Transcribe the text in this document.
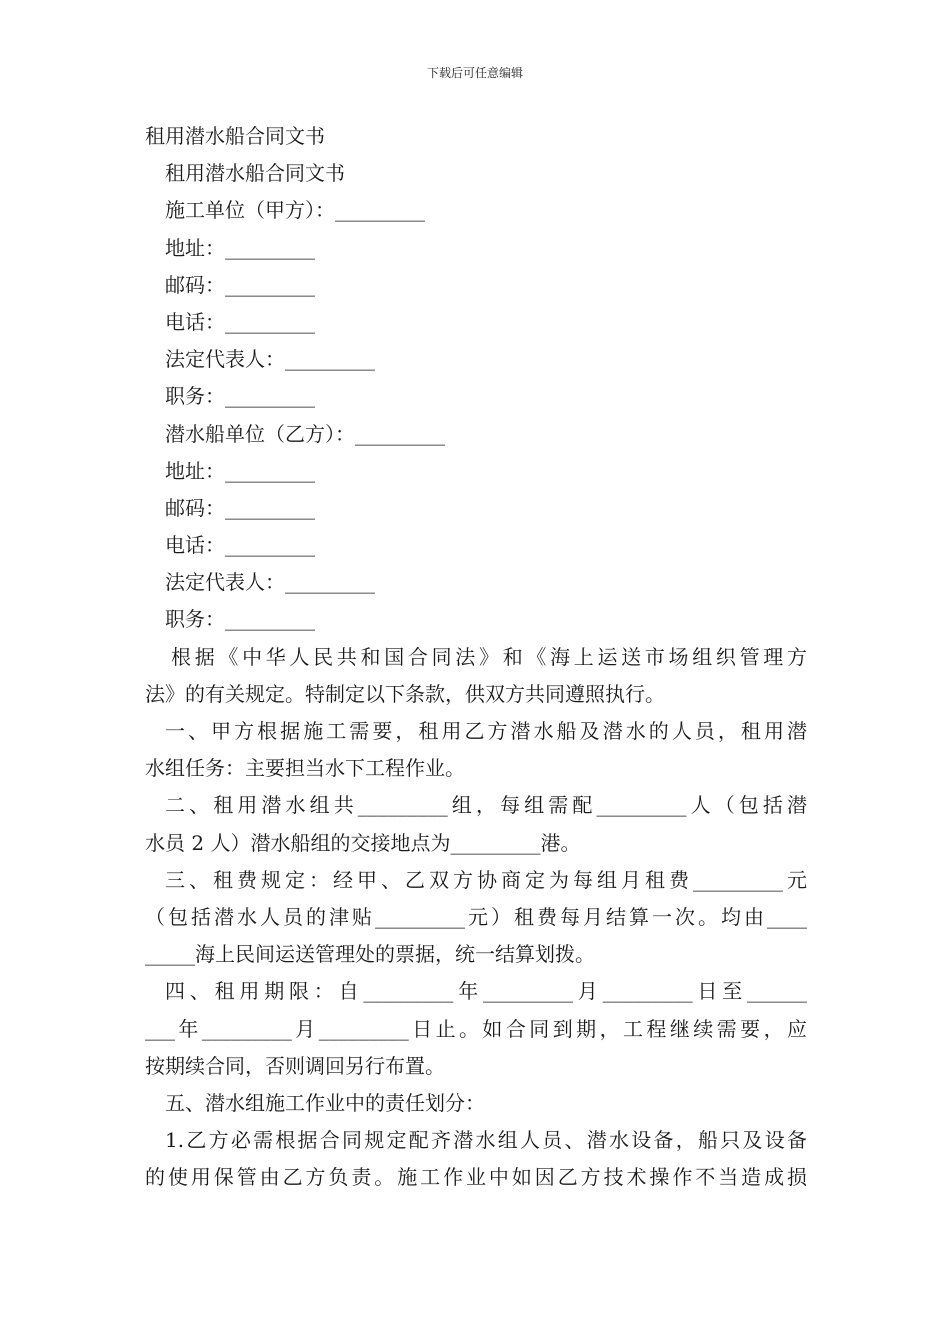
下载后可任意编辑
租用潜水船合同文书
租用潜水船合同文书
施工单位（甲方）：_________
地址：_________
邮码：_________
电话：_________
法定代表人：_________
职务：_________
潜水船单位（乙方）：_________
地址：_________
邮码：_________
电话：_________
法定代表人：_________
职务：_________
根据《中华人民共和国合同法》和《海上运送市场组织管理方
法》的有关规定。特制定以下条款，供双方共同遵照执行。
一、甲方根据施工需要，租用乙方潜水船及潜水的人员，租用潜
水组任务：主要担当水下工程作业。
二、租用潜水组共_________组，每组需配_________人（包括潜
水员 2 人）潜水船组的交接地点为_________港。
三、租费规定：经甲、乙双方协商定为每组月租费_________元
（包括潜水人员的津贴_________元）租费每月结算一次。均由____
_____海上民间运送管理处的票据，统一结算划拨。
四、租用期限：自_________年_________月_________日至______
___年_________月_________日止。如合同到期，工程继续需要，应
按期续合同，否则调回另行布置。
五、潜水组施工作业中的责任划分：
1.乙方必需根据合同规定配齐潜水组人员、潜水设备，船只及设备
的使用保管由乙方负责。施工作业中如因乙方技术操作不当造成损
